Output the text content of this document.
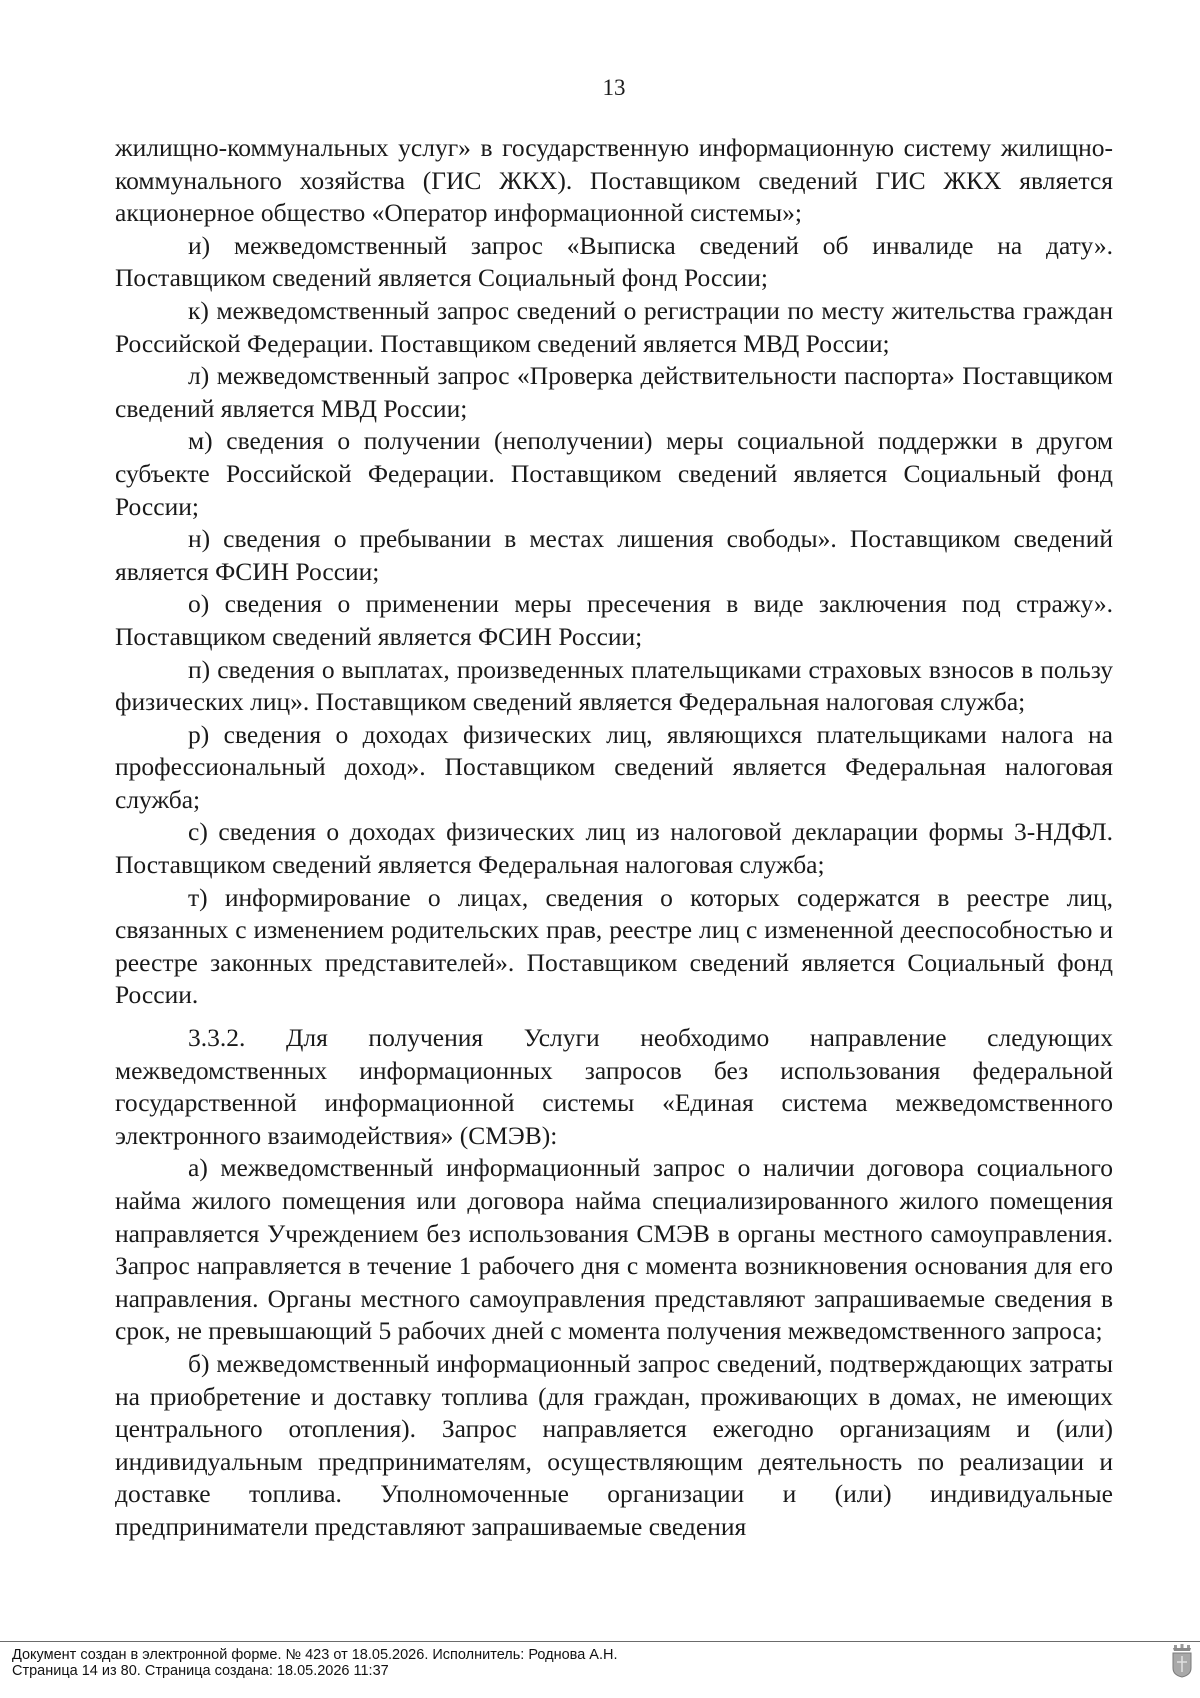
13

жилищно-коммунальных услуг» в государственную информационную систему жилищно-коммунального хозяйства (ГИС ЖКХ). Поставщиком сведений ГИС ЖКХ является акционерное общество «Оператор информационной системы»;

и) межведомственный запрос «Выписка сведений об инвалиде на дату». Поставщиком сведений является Социальный фонд России;

к) межведомственный запрос сведений о регистрации по месту жительства граждан Российской Федерации. Поставщиком сведений является МВД России;

л) межведомственный запрос «Проверка действительности паспорта» Поставщиком сведений является МВД России;

м) сведения о получении (неполучении) меры социальной поддержки в другом субъекте Российской Федерации. Поставщиком сведений является Социальный фонд России;

н) сведения о пребывании в местах лишения свободы». Поставщиком сведений является ФСИН России;

о) сведения о применении меры пресечения в виде заключения под стражу». Поставщиком сведений является ФСИН России;

п) сведения о выплатах, произведенных плательщиками страховых взносов в пользу физических лиц». Поставщиком сведений является Федеральная налоговая служба;

р) сведения о доходах физических лиц, являющихся плательщиками налога на профессиональный доход». Поставщиком сведений является Федеральная налоговая служба;

с) сведения о доходах физических лиц из налоговой декларации формы 3-НДФЛ. Поставщиком сведений является Федеральная налоговая служба;

т) информирование о лицах, сведения о которых содержатся в реестре лиц, связанных с изменением родительских прав, реестре лиц с измененной дееспособностью и реестре законных представителей». Поставщиком сведений является Социальный фонд России.

3.3.2. Для получения Услуги необходимо направление следующих межведомственных информационных запросов без использования федеральной государственной информационной системы «Единая система межведомственного электронного взаимодействия» (СМЭВ):

а) межведомственный информационный запрос о наличии договора социального найма жилого помещения или договора найма специализированного жилого помещения направляется Учреждением без использования СМЭВ в органы местного самоуправления. Запрос направляется в течение 1 рабочего дня с момента возникновения основания для его направления. Органы местного самоуправления представляют запрашиваемые сведения в срок, не превышающий 5 рабочих дней с момента получения межведомственного запроса;

б) межведомственный информационный запрос сведений, подтверждающих затраты на приобретение и доставку топлива (для граждан, проживающих в домах, не имеющих центрального отопления). Запрос направляется ежегодно организациям и (или) индивидуальным предпринимателям, осуществляющим деятельность по реализации и доставке топлива. Уполномоченные организации и (или) индивидуальные предприниматели представляют запрашиваемые сведения

Документ создан в электронной форме. № 423 от 18.05.2026. Исполнитель: Роднова А.Н.
Страница 14 из 80. Страница создана: 18.05.2026 11:37
